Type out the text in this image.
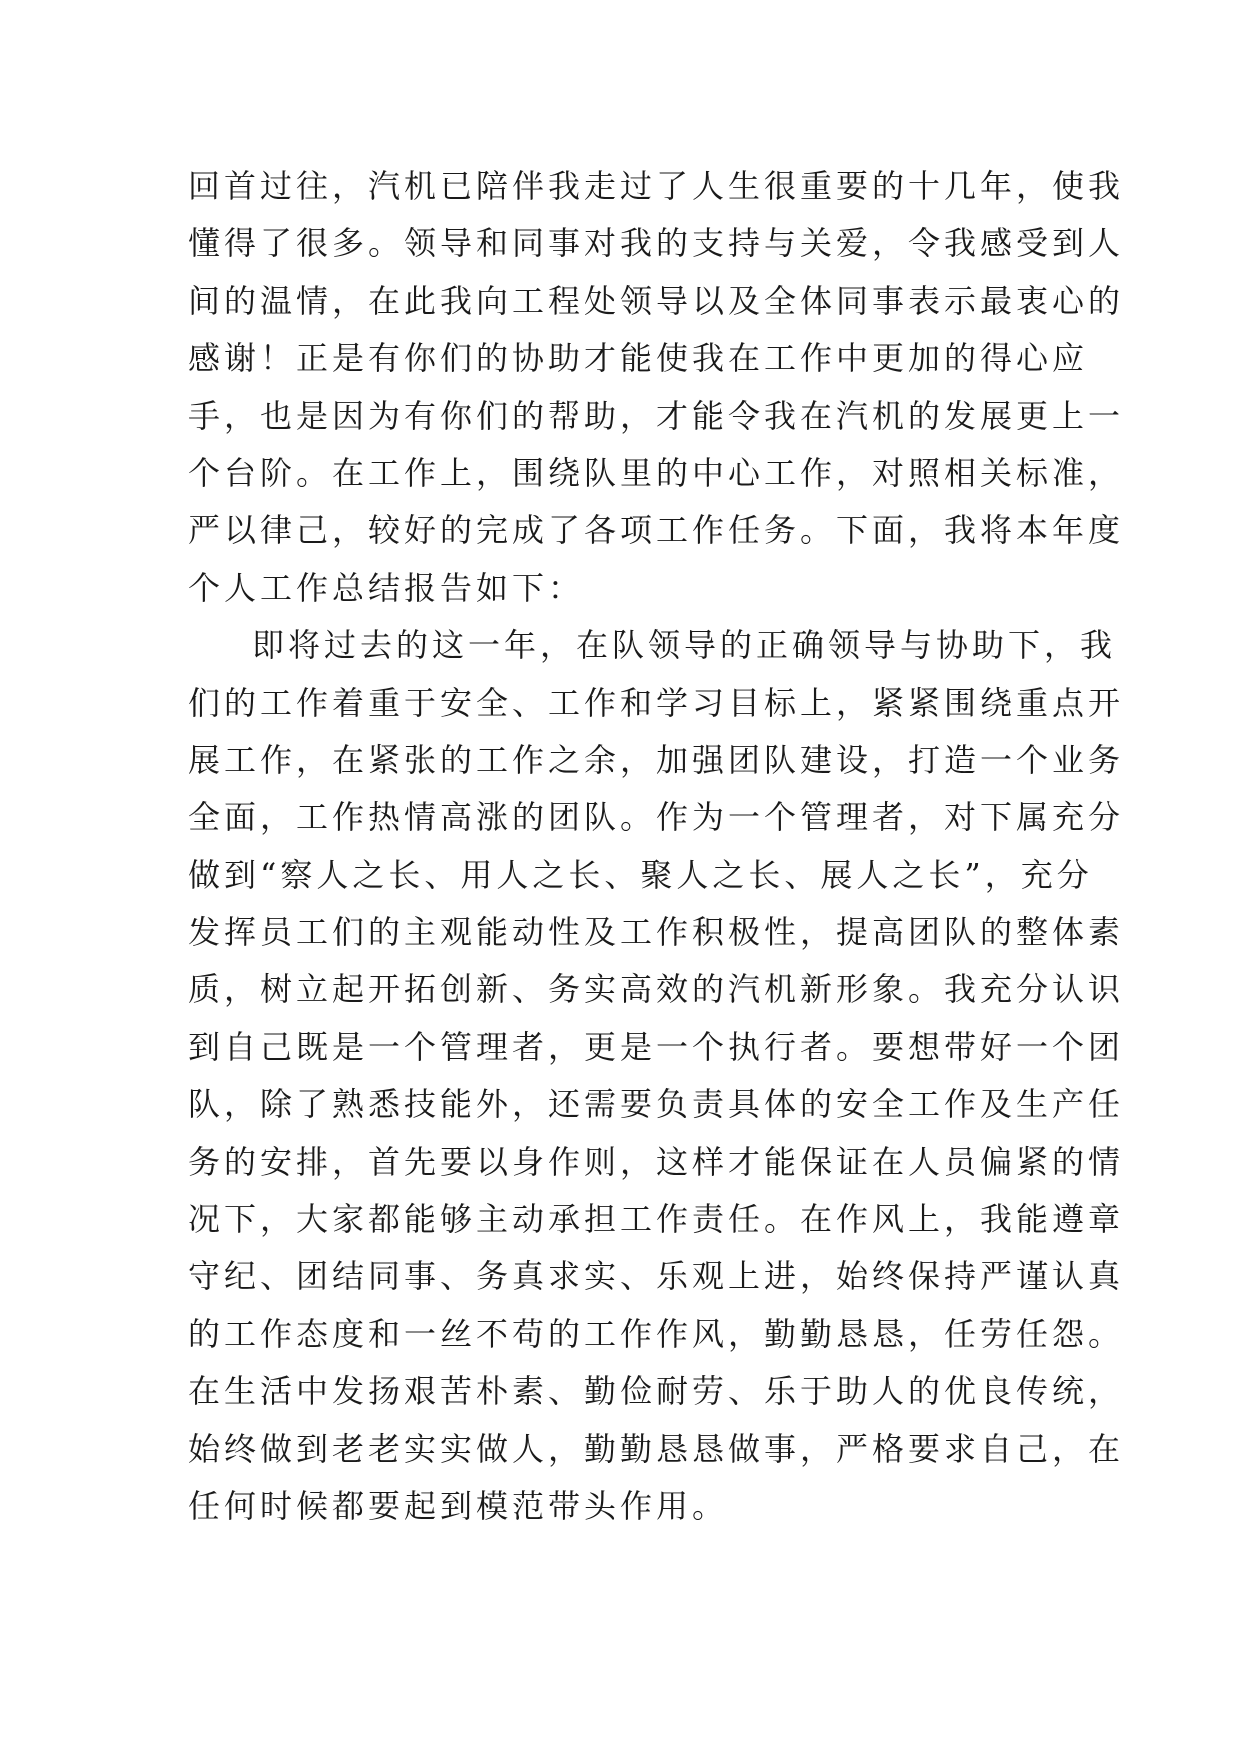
回首过往，汽机已陪伴我走过了人生很重要的十几年，使我
懂得了很多。领导和同事对我的支持与关爱，令我感受到人
间的温情，在此我向工程处领导以及全体同事表示最衷心的
感谢！正是有你们的协助才能使我在工作中更加的得心应
手，也是因为有你们的帮助，才能令我在汽机的发展更上一
个台阶。在工作上，围绕队里的中心工作，对照相关标准，
严以律己，较好的完成了各项工作任务。下面，我将本年度
个人工作总结报告如下：
即将过去的这一年，在队领导的正确领导与协助下，我
们的工作着重于安全、工作和学习目标上，紧紧围绕重点开
展工作，在紧张的工作之余，加强团队建设，打造一个业务
全面，工作热情高涨的团队。作为一个管理者，对下属充分
做到“察人之长、用人之长、聚人之长、展人之长”，充分
发挥员工们的主观能动性及工作积极性，提高团队的整体素
质，树立起开拓创新、务实高效的汽机新形象。我充分认识
到自己既是一个管理者，更是一个执行者。要想带好一个团
队，除了熟悉技能外，还需要负责具体的安全工作及生产任
务的安排，首先要以身作则，这样才能保证在人员偏紧的情
况下，大家都能够主动承担工作责任。在作风上，我能遵章
守纪、团结同事、务真求实、乐观上进，始终保持严谨认真
的工作态度和一丝不苟的工作作风，勤勤恳恳，任劳任怨。
在生活中发扬艰苦朴素、勤俭耐劳、乐于助人的优良传统，
始终做到老老实实做人，勤勤恳恳做事，严格要求自己，在
任何时候都要起到模范带头作用。
